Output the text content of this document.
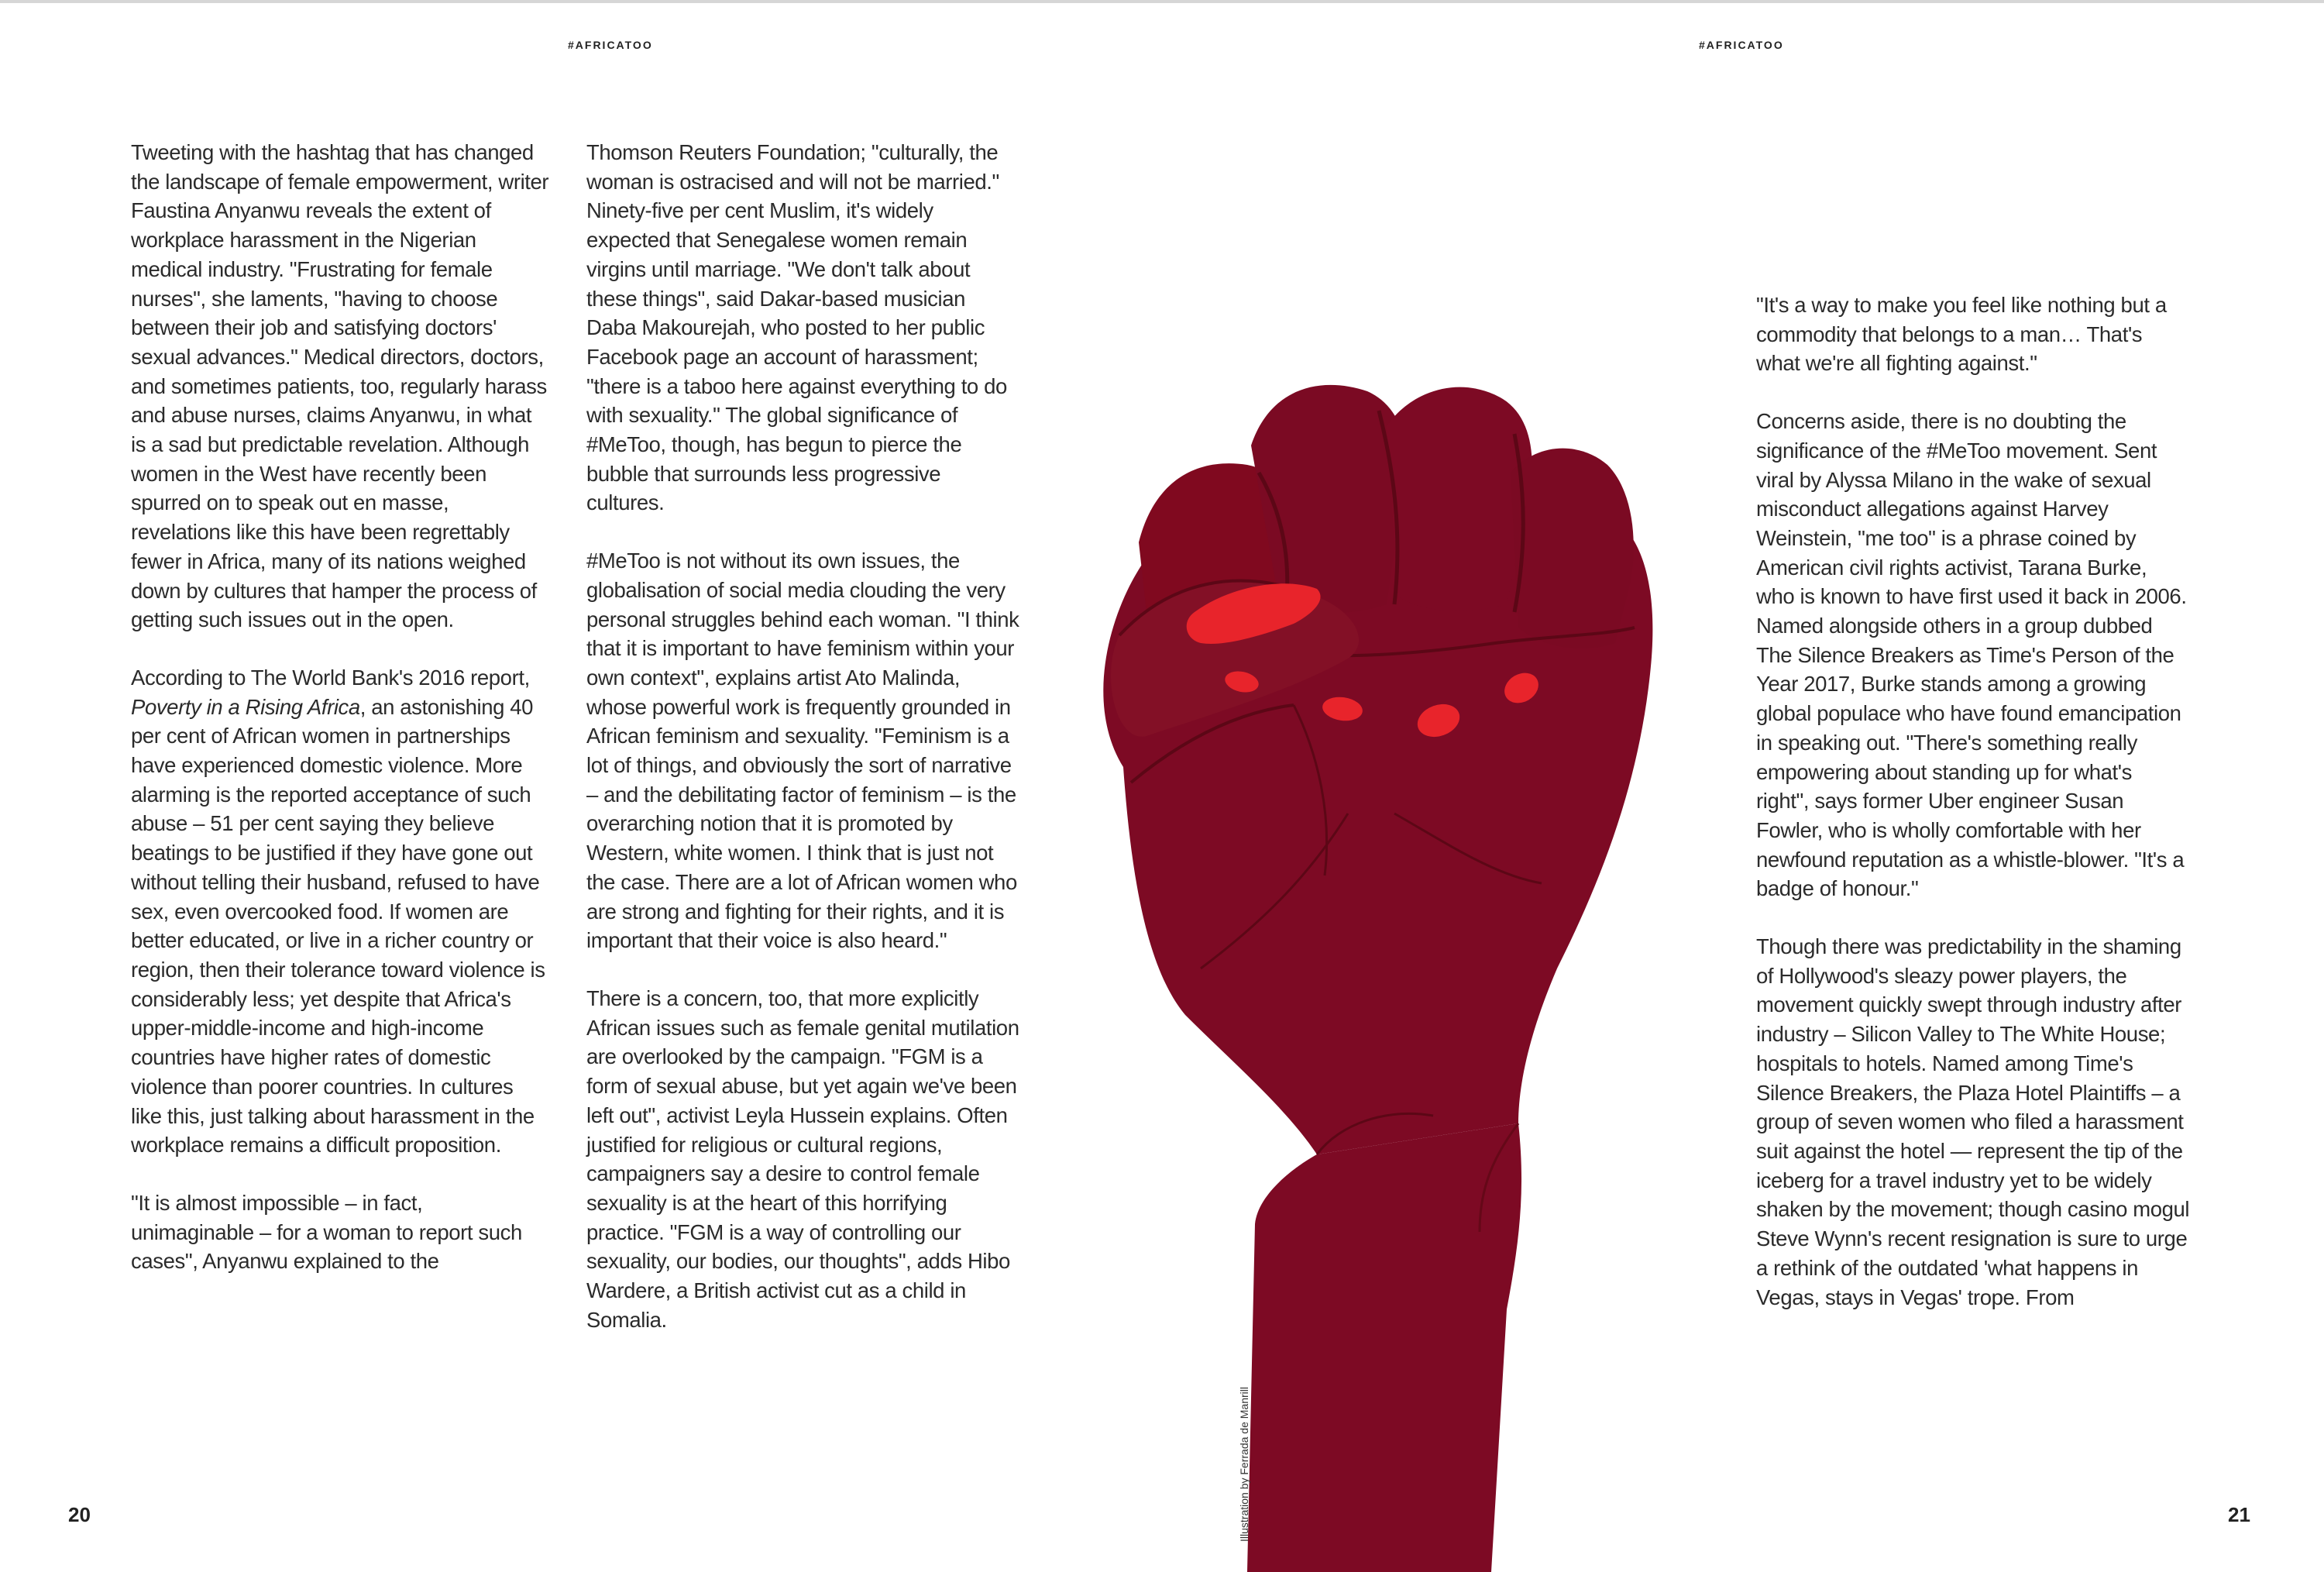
#AFRICATOO	#AFRICATOO

Tweeting with the hashtag that has changed the landscape of female empowerment, writer Faustina Anyanwu reveals the extent of workplace harassment in the Nigerian medical industry. "Frustrating for female nurses", she laments, "having to choose between their job and satisfying doctors' sexual advances." Medical directors, doctors, and sometimes patients, too, regularly harass and abuse nurses, claims Anyanwu, in what is a sad but predictable revelation. Although women in the West have recently been spurred on to speak out en masse, revelations like this have been regrettably fewer in Africa, many of its nations weighed down by cultures that hamper the process of getting such issues out in the open.

According to The World Bank's 2016 report, Poverty in a Rising Africa, an astonishing 40 per cent of African women in partnerships have experienced domestic violence. More alarming is the reported acceptance of such abuse – 51 per cent saying they believe beatings to be justified if they have gone out without telling their husband, refused to have sex, even overcooked food. If women are better educated, or live in a richer country or region, then their tolerance toward violence is considerably less; yet despite that Africa's upper-middle-income and high-income countries have higher rates of domestic violence than poorer countries. In cultures like this, just talking about harassment in the workplace remains a difficult proposition.

"It is almost impossible – in fact, unimaginable – for a woman to report such cases", Anyanwu explained to the

Thomson Reuters Foundation; "culturally, the woman is ostracised and will not be married." Ninety-five per cent Muslim, it's widely expected that Senegalese women remain virgins until marriage. "We don't talk about these things", said Dakar-based musician Daba Makourejah, who posted to her public Facebook page an account of harassment; "there is a taboo here against everything to do with sexuality." The global significance of #MeToo, though, has begun to pierce the bubble that surrounds less progressive cultures.

#MeToo is not without its own issues, the globalisation of social media clouding the very personal struggles behind each woman. "I think that it is important to have feminism within your own context", explains artist Ato Malinda, whose powerful work is frequently grounded in African feminism and sexuality. "Feminism is a lot of things, and obviously the sort of narrative – and the debilitating factor of feminism – is the overarching notion that it is promoted by Western, white women. I think that is just not the case. There are a lot of African women who are strong and fighting for their rights, and it is important that their voice is also heard."

There is a concern, too, that more explicitly African issues such as female genital mutilation are overlooked by the campaign. "FGM is a form of sexual abuse, but yet again we've been left out", activist Leyla Hussein explains. Often justified for religious or cultural regions, campaigners say a desire to control female sexuality is at the heart of this horrifying practice. "FGM is a way of controlling our sexuality, our bodies, our thoughts", adds Hibo Wardere, a British activist cut as a child in Somalia.

"It's a way to make you feel like nothing but a commodity that belongs to a man… That's what we're all fighting against."

Concerns aside, there is no doubting the significance of the #MeToo movement. Sent viral by Alyssa Milano in the wake of sexual misconduct allegations against Harvey Weinstein, "me too" is a phrase coined by American civil rights activist, Tarana Burke, who is known to have first used it back in 2006. Named alongside others in a group dubbed The Silence Breakers as Time's Person of the Year 2017, Burke stands among a growing global populace who have found emancipation in speaking out. "There's something really empowering about standing up for what's right", says former Uber engineer Susan Fowler, who is wholly comfortable with her newfound reputation as a whistle-blower. "It's a badge of honour."

Though there was predictability in the shaming of Hollywood's sleazy power players, the movement quickly swept through industry after industry – Silicon Valley to The White House; hospitals to hotels. Named among Time's Silence Breakers, the Plaza Hotel Plaintiffs – a group of seven women who filed a harassment suit against the hotel — represent the tip of the iceberg for a travel industry yet to be widely shaken by the movement; though casino mogul Steve Wynn's recent resignation is sure to urge a rethink of the outdated 'what happens in Vegas, stays in Vegas' trope. From

Illustration by Ferrada de Manrill
20	21
